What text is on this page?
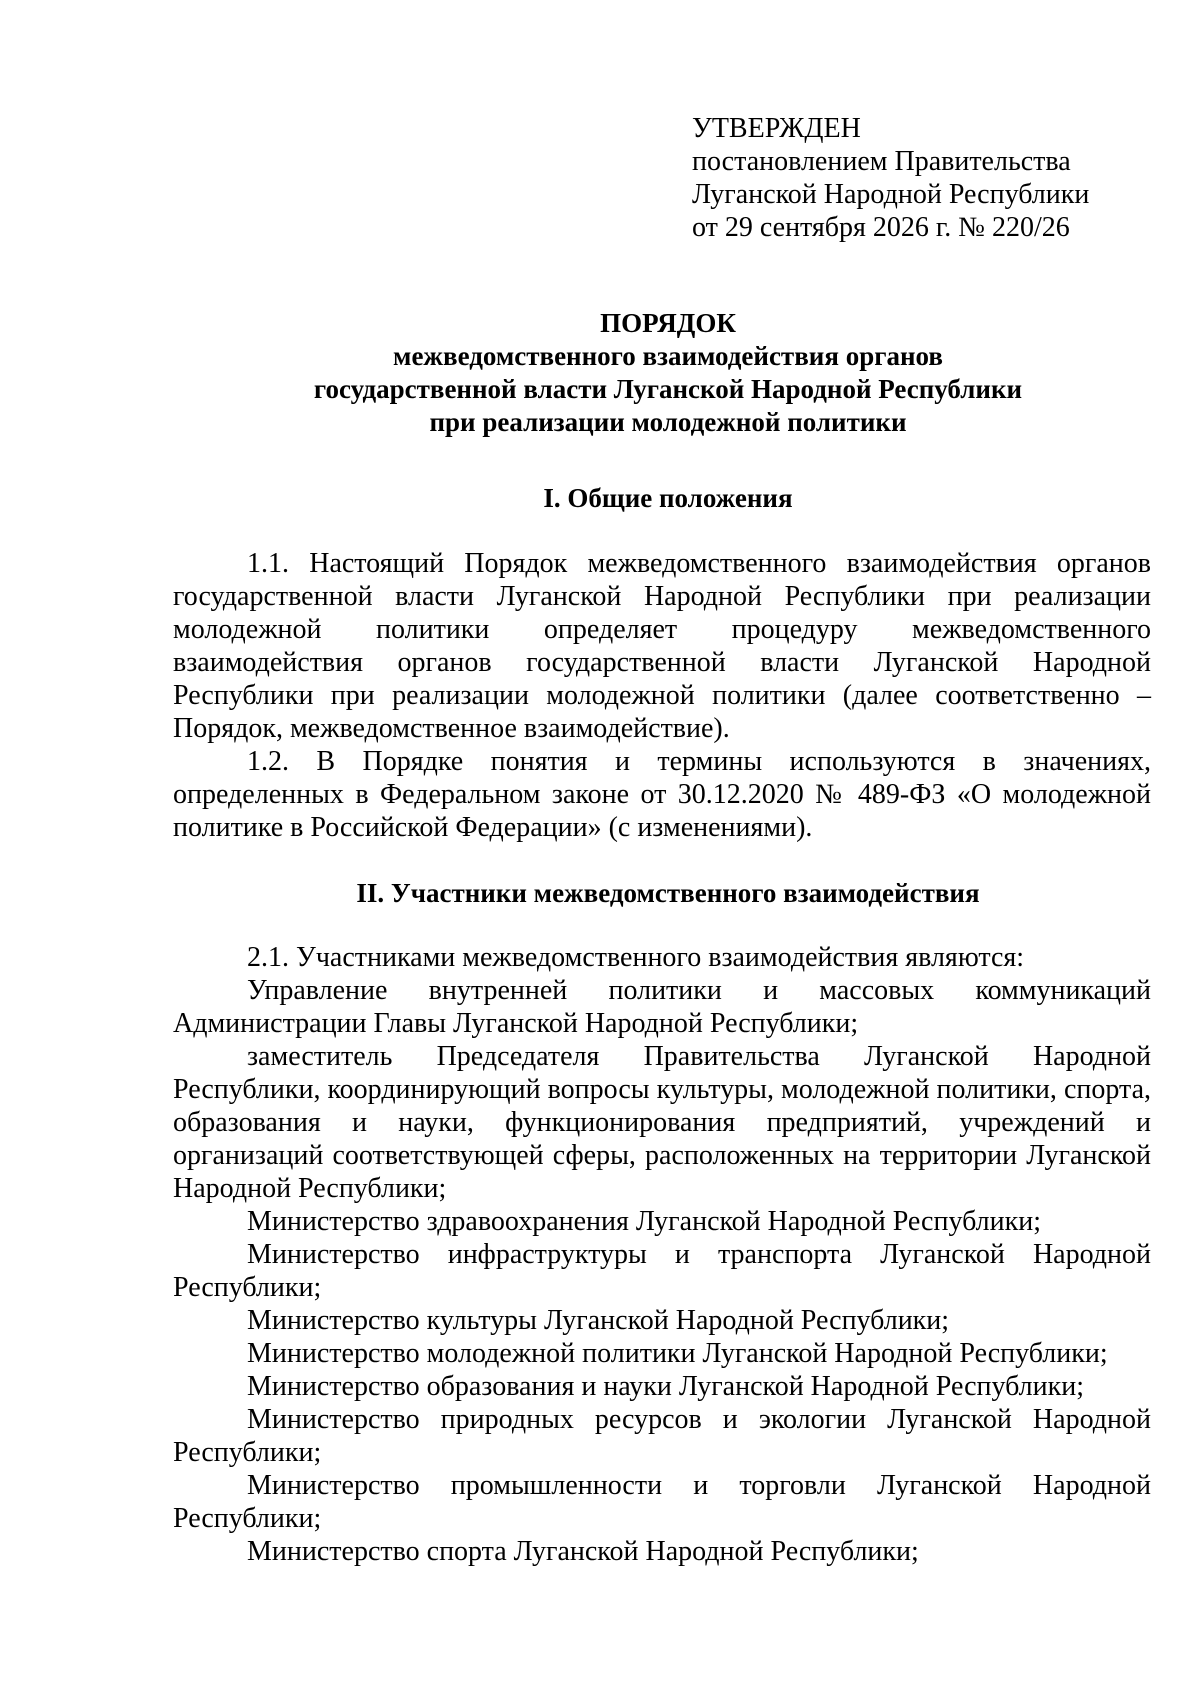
УТВЕРЖДЕН
постановлением Правительства
Луганской Народной Республики
от 29 сентября 2026 г. № 220/26
ПОРЯДОК
межведомственного взаимодействия органов
государственной власти Луганской Народной Республики
при реализации молодежной политики
I. Общие положения

1.1. Настоящий Порядок межведомственного взаимодействия органов государственной власти Луганской Народной Республики при реализации молодежной политики определяет процедуру межведомственного взаимодействия органов государственной власти Луганской Народной Республики при реализации молодежной политики (далее соответственно – Порядок, межведомственное взаимодействие).

1.2. В Порядке понятия и термины используются в значениях, определенных в Федеральном законе от 30.12.2020 № 489-ФЗ «О молодежной политике в Российской Федерации» (с изменениями).

II. Участники межведомственного взаимодействия

2.1. Участниками межведомственного взаимодействия являются:

Управление внутренней политики и массовых коммуникаций Администрации Главы Луганской Народной Республики;

заместитель Председателя Правительства Луганской Народной Республики, координирующий вопросы культуры, молодежной политики, спорта, образования и науки, функционирования предприятий, учреждений и организаций соответствующей сферы, расположенных на территории Луганской Народной Республики;

Министерство здравоохранения Луганской Народной Республики;

Министерство инфраструктуры и транспорта Луганской Народной Республики;

Министерство культуры Луганской Народной Республики;

Министерство молодежной политики Луганской Народной Республики;

Министерство образования и науки Луганской Народной Республики;

Министерство природных ресурсов и экологии Луганской Народной Республики;

Министерство промышленности и торговли Луганской Народной Республики;

Министерство спорта Луганской Народной Республики;
